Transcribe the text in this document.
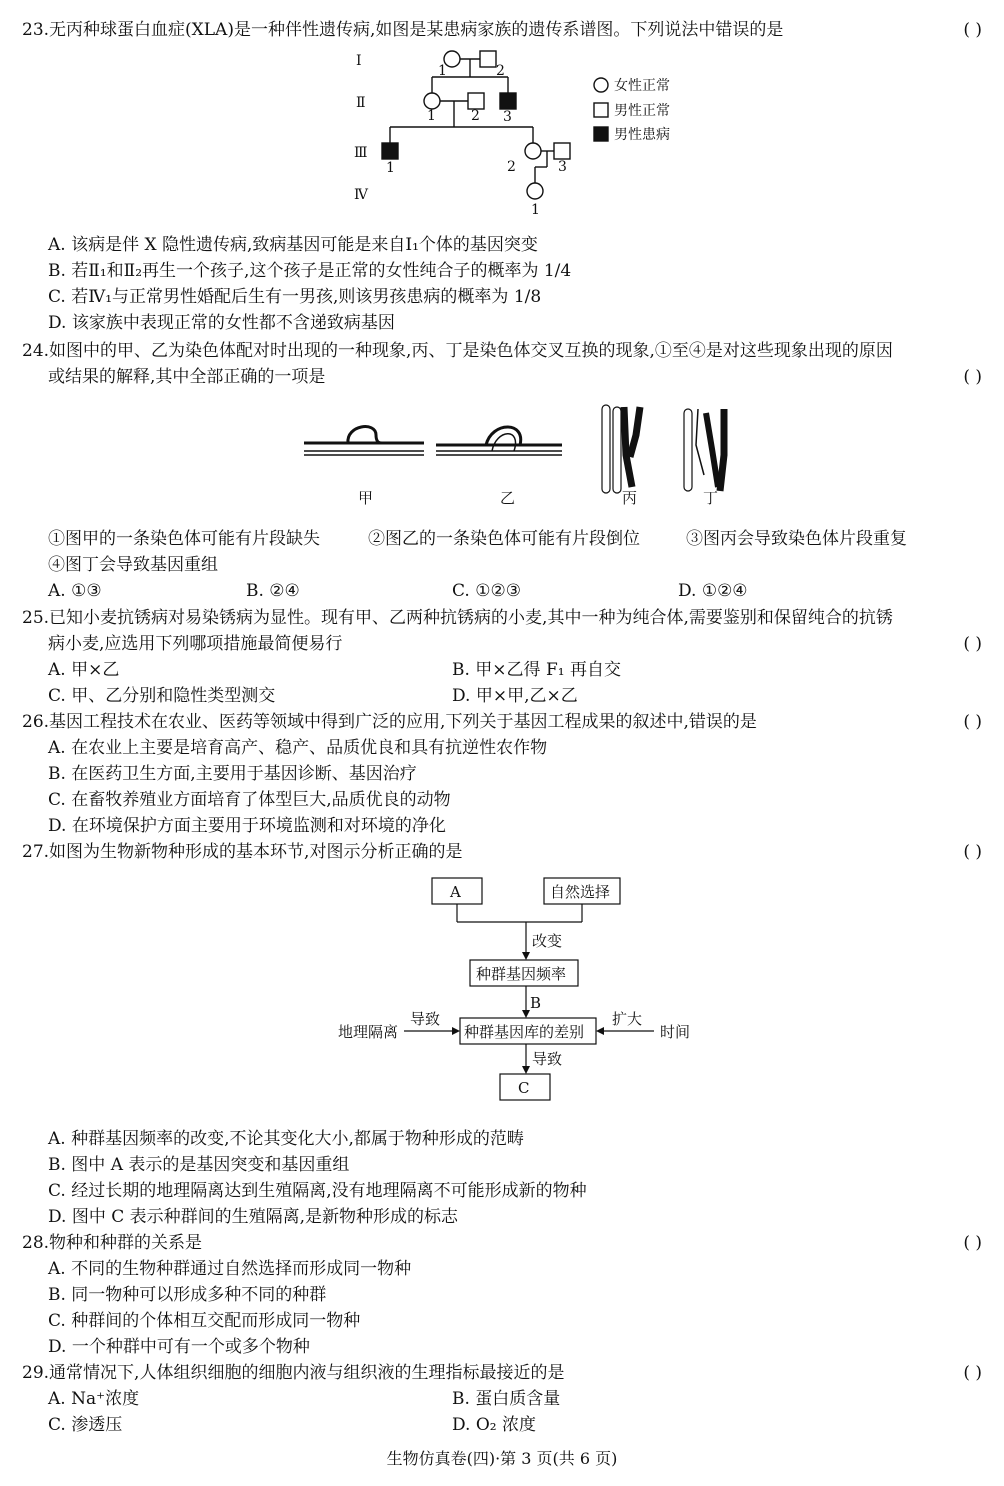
23.无丙种球蛋白血症(XLA)是一种伴性遗传病,如图是某患病家族的遗传系谱图。下列说法中错误的是	( )
Ⅰ
Ⅱ
Ⅲ
Ⅳ
1	2
1	2 3
1	2	3
1
女性正常
男性正常
男性患病
A. 该病是伴 X 隐性遗传病,致病基因可能是来自Ⅰ₁个体的基因突变
B. 若Ⅱ₁和Ⅱ₂再生一个孩子,这个孩子是正常的女性纯合子的概率为 1/4
C. 若Ⅳ₁与正常男性婚配后生有一男孩,则该男孩患病的概率为 1/8
D. 该家族中表现正常的女性都不含递致病基因
24.如图中的甲、乙为染色体配对时出现的一种现象,丙、丁是染色体交叉互换的现象,①至④是对这些现象出现的原因
或结果的解释,其中全部正确的一项是	( )
甲	乙	丙	丁
①图甲的一条染色体可能有片段缺失	②图乙的一条染色体可能有片段倒位	③图丙会导致染色体片段重复
④图丁会导致基因重组
A. ①③	B. ②④	C. ①②③	D. ①②④
25.已知小麦抗锈病对易染锈病为显性。现有甲、乙两种抗锈病的小麦,其中一种为纯合体,需要鉴别和保留纯合的抗锈
病小麦,应选用下列哪项措施最简便易行	( )
A. 甲×乙	B. 甲×乙得 F₁ 再自交
C. 甲、乙分别和隐性类型测交	D. 甲×甲,乙×乙
26.基因工程技术在农业、医药等领域中得到广泛的应用,下列关于基因工程成果的叙述中,错误的是	( )
A. 在农业上主要是培育高产、稳产、品质优良和具有抗逆性农作物
B. 在医药卫生方面,主要用于基因诊断、基因治疗
C. 在畜牧养殖业方面培育了体型巨大,品质优良的动物
D. 在环境保护方面主要用于环境监测和对环境的净化
27.如图为生物新物种形成的基本环节,对图示分析正确的是	( )
A	自然选择
改变
种群基因频率
B
地理隔离
导致
种群基因库的差别
扩大
时间
导致
C
A. 种群基因频率的改变,不论其变化大小,都属于物种形成的范畴
B. 图中 A 表示的是基因突变和基因重组
C. 经过长期的地理隔离达到生殖隔离,没有地理隔离不可能形成新的物种
D. 图中 C 表示种群间的生殖隔离,是新物种形成的标志
28.物种和种群的关系是	( )
A. 不同的生物种群通过自然选择而形成同一物种
B. 同一物种可以形成多种不同的种群
C. 种群间的个体相互交配而形成同一物种
D. 一个种群中可有一个或多个物种
29.通常情况下,人体组织细胞的细胞内液与组织液的生理指标最接近的是	( )
A. Na⁺浓度	B. 蛋白质含量
C. 渗透压	D. O₂ 浓度
生物仿真卷(四)·第 3 页(共 6 页)
